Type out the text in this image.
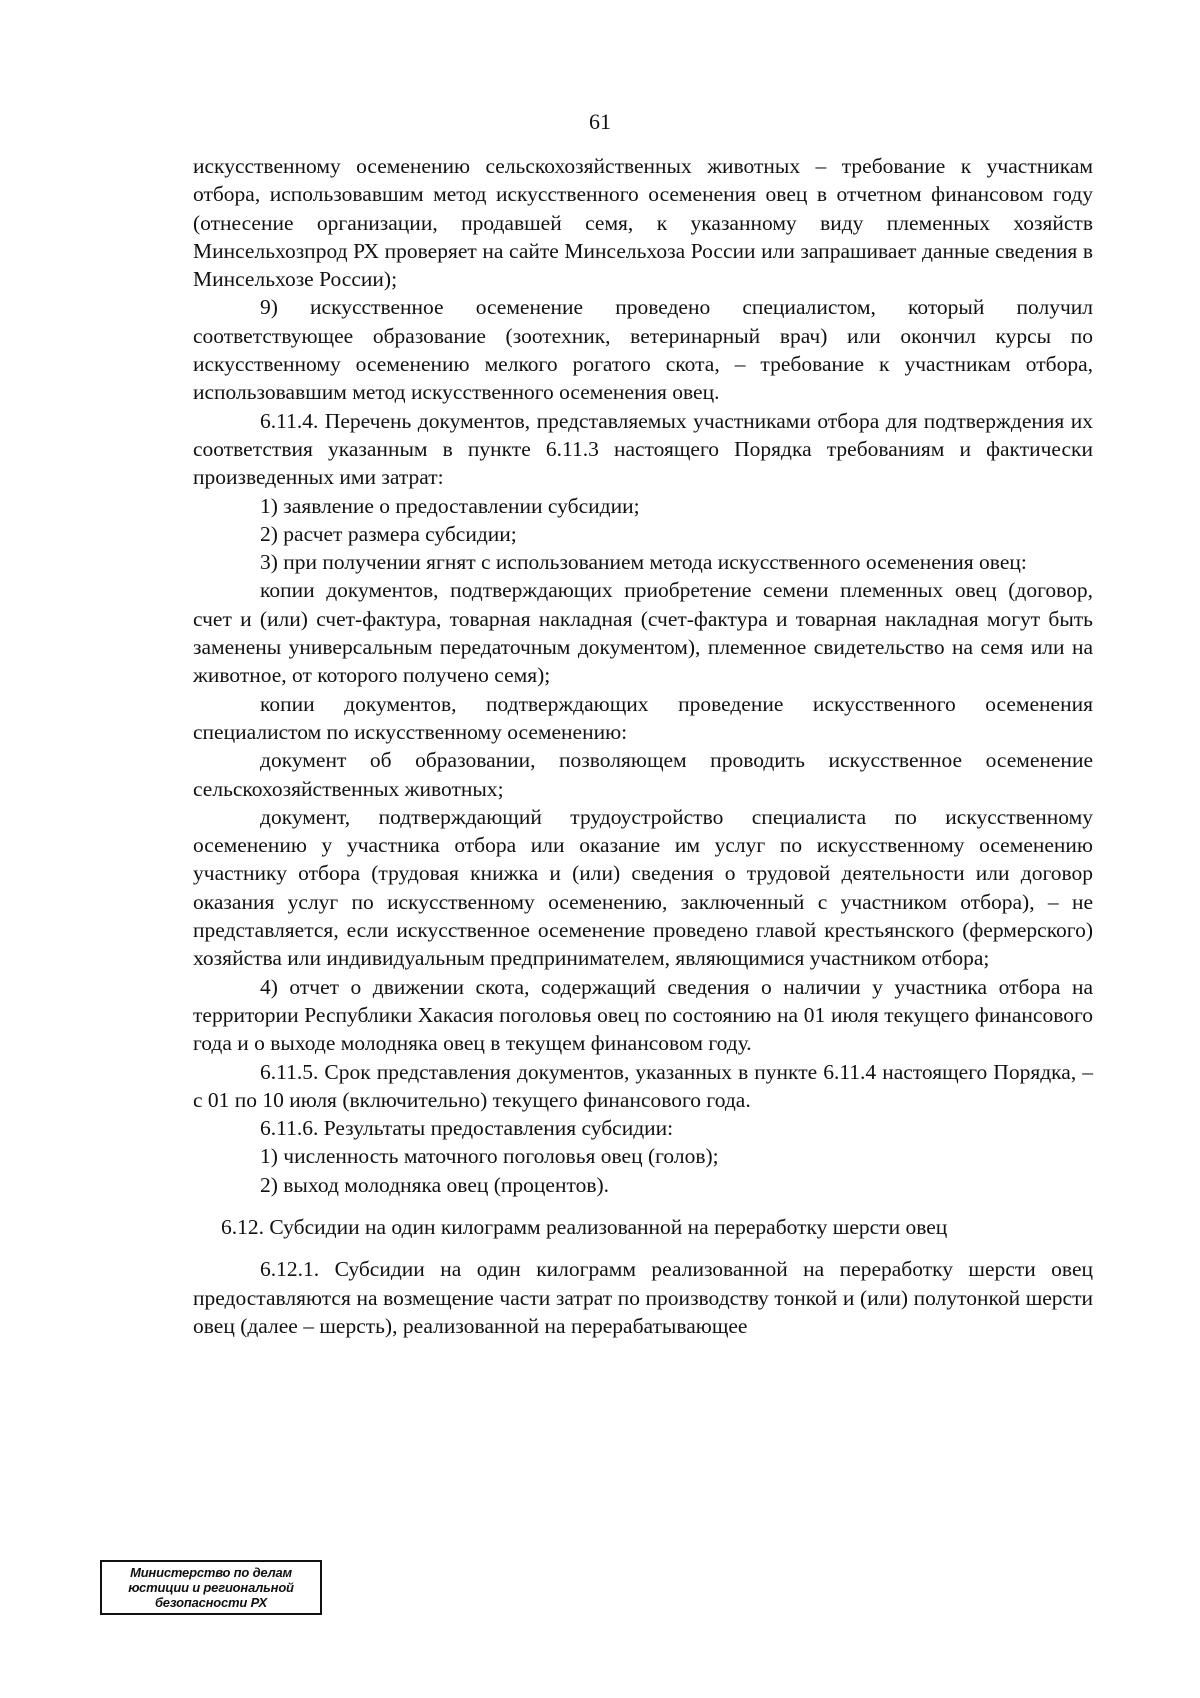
61

искусственному осеменению сельскохозяйственных животных – требование к участникам отбора, использовавшим метод искусственного осеменения овец в отчетном финансовом году (отнесение организации, продавшей семя, к указанному виду племенных хозяйств Минсельхозпрод РХ проверяет на сайте Минсельхоза России или запрашивает данные сведения в Минсельхозе России);

9) искусственное осеменение проведено специалистом, который получил соответствующее образование (зоотехник, ветеринарный врач) или окончил курсы по искусственному осеменению мелкого рогатого скота, – требование к участникам отбора, использовавшим метод искусственного осеменения овец.

6.11.4. Перечень документов, представляемых участниками отбора для подтверждения их соответствия указанным в пункте 6.11.3 настоящего Порядка требованиям и фактически произведенных ими затрат:

1) заявление о предоставлении субсидии;

2) расчет размера субсидии;

3) при получении ягнят с использованием метода искусственного осеменения овец:

копии документов, подтверждающих приобретение семени племенных овец (договор, счет и (или) счет-фактура, товарная накладная (счет-фактура и товарная накладная могут быть заменены универсальным передаточным документом), племенное свидетельство на семя или на животное, от которого получено семя);

копии документов, подтверждающих проведение искусственного осеменения специалистом по искусственному осеменению:

документ об образовании, позволяющем проводить искусственное осеменение сельскохозяйственных животных;

документ, подтверждающий трудоустройство специалиста по искусственному осеменению у участника отбора или оказание им услуг по искусственному осеменению участнику отбора (трудовая книжка и (или) сведения о трудовой деятельности или договор оказания услуг по искусственному осеменению, заключенный с участником отбора), – не представляется, если искусственное осеменение проведено главой крестьянского (фермерского) хозяйства или индивидуальным предпринимателем, являющимися участником отбора;

4) отчет о движении скота, содержащий сведения о наличии у участника отбора на территории Республики Хакасия поголовья овец по состоянию на 01 июля текущего финансового года и о выходе молодняка овец в текущем финансовом году.

6.11.5. Срок представления документов, указанных в пункте 6.11.4 настоящего Порядка, – с 01 по 10 июля (включительно) текущего финансового года.

6.11.6. Результаты предоставления субсидии:

1) численность маточного поголовья овец (голов);

2) выход молодняка овец (процентов).

6.12. Субсидии на один килограмм реализованной на переработку шерсти овец

6.12.1. Субсидии на один килограмм реализованной на переработку шерсти овец предоставляются на возмещение части затрат по производству тонкой и (или) полутонкой шерсти овец (далее – шерсть), реализованной на перерабатывающее

Министерство по делам
юстиции и региональной
безопасности РХ
